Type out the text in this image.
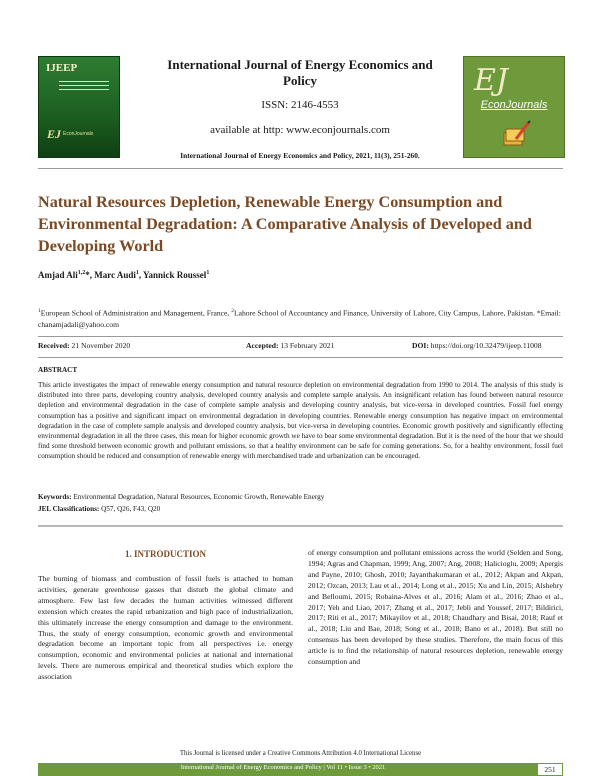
IJEEP
EJ EconJournals
International Journal of Energy Economics and Policy
ISSN: 2146-4553
available at http: www.econjournals.com
International Journal of Energy Economics and Policy, 2021, 11(3), 251-260.
EJ
EconJournals
Natural Resources Depletion, Renewable Energy Consumption and Environmental Degradation: A Comparative Analysis of Developed and Developing World
Amjad Ali$^{1,2}$*, Marc Audi$^1$, Yannick Roussel$^1$
$^1$European School of Administration and Management, France, $^2$Lahore School of Accountancy and Finance, University of Lahore, City Campus, Lahore, Pakistan. *Email: chanamjadali@yahoo.com
Received: 21 November 2020	Accepted: 13 February 2021	DOI: https://doi.org/10.32479/ijeep.11008
ABSTRACT
This article investigates the impact of renewable energy consumption and natural resource depletion on environmental degradation from 1990 to 2014. The analysis of this study is distributed into three parts, developing country analysis, developed country analysis and complete sample analysis. An insignificant relation has found between natural resource depletion and environmental degradation in the case of complete sample analysis and developing country analysis, but vice-versa in developed countries. Fossil fuel energy consumption has a positive and significant impact on environmental degradation in developing countries. Renewable energy consumption has negative impact on environmental degradation in the case of complete sample analysis and developed country analysis, but vice-versa in developing countries. Economic growth positively and significantly effecting environmental degradation in all the three cases, this mean for higher economic growth we have to bear some environmental degradation. But it is the need of the hour that we should find some threshold between economic growth and pollutant emissions, so that a healthy environment can be safe for coming generations. So, for a healthy environment, fossil fuel consumption should be reduced and consumption of renewable energy with merchandised trade and urbanization can be encouraged.
Keywords: Environmental Degradation, Natural Resources, Economic Growth, Renewable Energy
JEL Classifications: Q57, Q26, F43, Q20
1. INTRODUCTION
The burning of biomass and combustion of fossil fuels is attached to human activities, generate greenhouse gasses that disturb the global climate and atmosphere. Few last few decades the human activities witnessed different extension which creates the rapid urbanization and high pace of industrialization, this ultimately increase the energy consumption and damage to the environment. Thus, the study of energy consumption, economic growth and environmental degradation become an important topic from all perspectives i.e. energy consumption, economic and environmental policies at national and international levels. There are numerous empirical and theoretical studies which explore the association
of energy consumption and pollutant emissions across the world (Selden and Song, 1994; Agras and Chapman, 1999; Ang, 2007; Ang, 2008; Halicioglu, 2009; Apergis and Payne, 2010; Ghosh, 2010; Jayanthakumaran et al., 2012; Akpan and Akpan, 2012; Ozcan, 2013; Lau et al., 2014; Long et al., 2015; Xu and Lin, 2015; Alshehry and Belloumi, 2015; Robaina-Alves et al., 2016; Alam et al., 2016; Zhao et al., 2017; Yeh and Liao, 2017; Zhang et al., 2017; Jebli and Youssef, 2017; Bildirici, 2017; Riti et al., 2017; Mikayilov et al., 2018; Chaudhary and Bisai, 2018; Rauf et al., 2018; Liu and Bae, 2018; Song et al., 2018; Bano et al., 2018). But still no consensus has been developed by these studies. Therefore, the main focus of this article is to find the relationship of natural resources depletion, renewable energy consumption and
This Journal is licensed under a Creative Commons Attribution 4.0 International License
International Journal of Energy Economics and Policy | Vol 11 • Issue 3 • 2021	251
